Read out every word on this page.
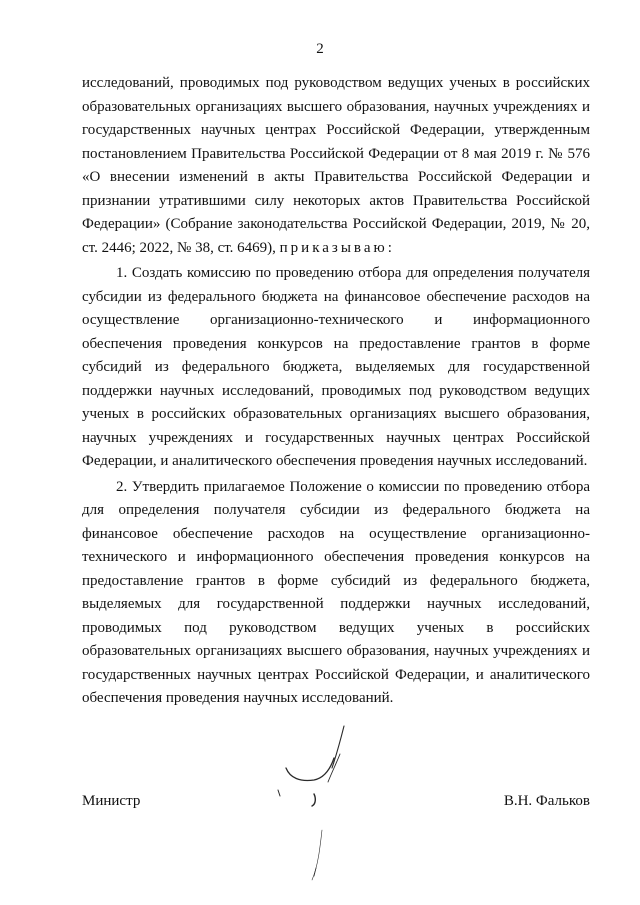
2

исследований, проводимых под руководством ведущих ученых в российских образовательных организациях высшего образования, научных учреждениях и государственных научных центрах Российской Федерации, утвержденным постановлением Правительства Российской Федерации от 8 мая 2019 г. № 576 «О внесении изменений в акты Правительства Российской Федерации и признании утратившими силу некоторых актов Правительства Российской Федерации» (Собрание законодательства Российской Федерации, 2019, № 20, ст. 2446; 2022, № 38, ст. 6469), приказываю:

1. Создать комиссию по проведению отбора для определения получателя субсидии из федерального бюджета на финансовое обеспечение расходов на осуществление организационно-технического и информационного обеспечения проведения конкурсов на предоставление грантов в форме субсидий из федерального бюджета, выделяемых для государственной поддержки научных исследований, проводимых под руководством ведущих ученых в российских образовательных организациях высшего образования, научных учреждениях и государственных научных центрах Российской Федерации, и аналитического обеспечения проведения научных исследований.

2. Утвердить прилагаемое Положение о комиссии по проведению отбора для определения получателя субсидии из федерального бюджета на финансовое обеспечение расходов на осуществление организационно-технического и информационного обеспечения проведения конкурсов на предоставление грантов в форме субсидий из федерального бюджета, выделяемых для государственной поддержки научных исследований, проводимых под руководством ведущих ученых в российских образовательных организациях высшего образования, научных учреждениях и государственных научных центрах Российской Федерации, и аналитического обеспечения проведения научных исследований.

Министр	В.Н. Фальков
